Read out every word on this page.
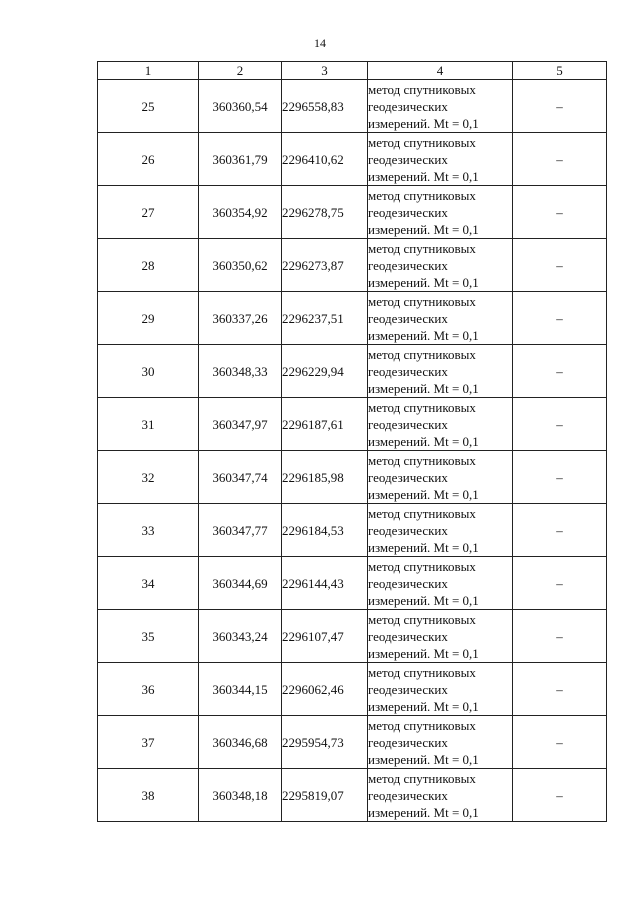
14
1	2	3	4	5
25	360360,54	2296558,83	метод спутниковых
геодезических
измерений. Mt = 0,1	–
26	360361,79	2296410,62	метод спутниковых
геодезических
измерений. Mt = 0,1	–
27	360354,92	2296278,75	метод спутниковых
геодезических
измерений. Mt = 0,1	–
28	360350,62	2296273,87	метод спутниковых
геодезических
измерений. Mt = 0,1	–
29	360337,26	2296237,51	метод спутниковых
геодезических
измерений. Mt = 0,1	–
30	360348,33	2296229,94	метод спутниковых
геодезических
измерений. Mt = 0,1	–
31	360347,97	2296187,61	метод спутниковых
геодезических
измерений. Mt = 0,1	–
32	360347,74	2296185,98	метод спутниковых
геодезических
измерений. Mt = 0,1	–
33	360347,77	2296184,53	метод спутниковых
геодезических
измерений. Mt = 0,1	–
34	360344,69	2296144,43	метод спутниковых
геодезических
измерений. Mt = 0,1	–
35	360343,24	2296107,47	метод спутниковых
геодезических
измерений. Mt = 0,1	–
36	360344,15	2296062,46	метод спутниковых
геодезических
измерений. Mt = 0,1	–
37	360346,68	2295954,73	метод спутниковых
геодезических
измерений. Mt = 0,1	–
38	360348,18	2295819,07	метод спутниковых
геодезических
измерений. Mt = 0,1	–
